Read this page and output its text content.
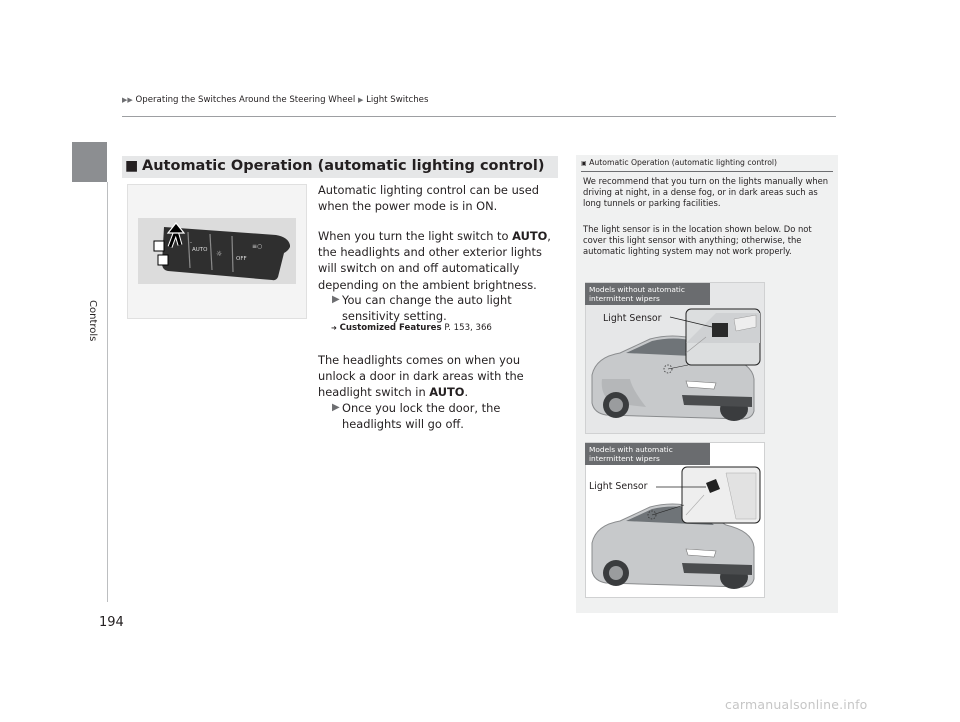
▶▶ Operating the Switches Around the Steering Wheel ▶ Light Switches
Controls
194
■ Automatic Operation (automatic lighting control)
-
AUTO ☼
OFF
≡○
Automatic lighting control can be used when the power mode is in ON.
When you turn the light switch to AUTO, the headlights and other exterior lights will switch on and off automatically depending on the ambient brightness.
▶ You can change the auto light sensitivity setting.
➜ Customized Features P. 153, 366
The headlights comes on when you unlock a door in dark areas with the headlight switch in AUTO.
▶ Once you lock the door, the headlights will go off.
▣ Automatic Operation (automatic lighting control)
We recommend that you turn on the lights manually when driving at night, in a dense fog, or in dark areas such as long tunnels or parking facilities.
The light sensor is in the location shown below. Do not cover this light sensor with anything; otherwise, the automatic lighting system may not work properly.
Models without automatic intermittent wipers
Light Sensor
Models with automatic intermittent wipers
Light Sensor
carmanualsonline.info
